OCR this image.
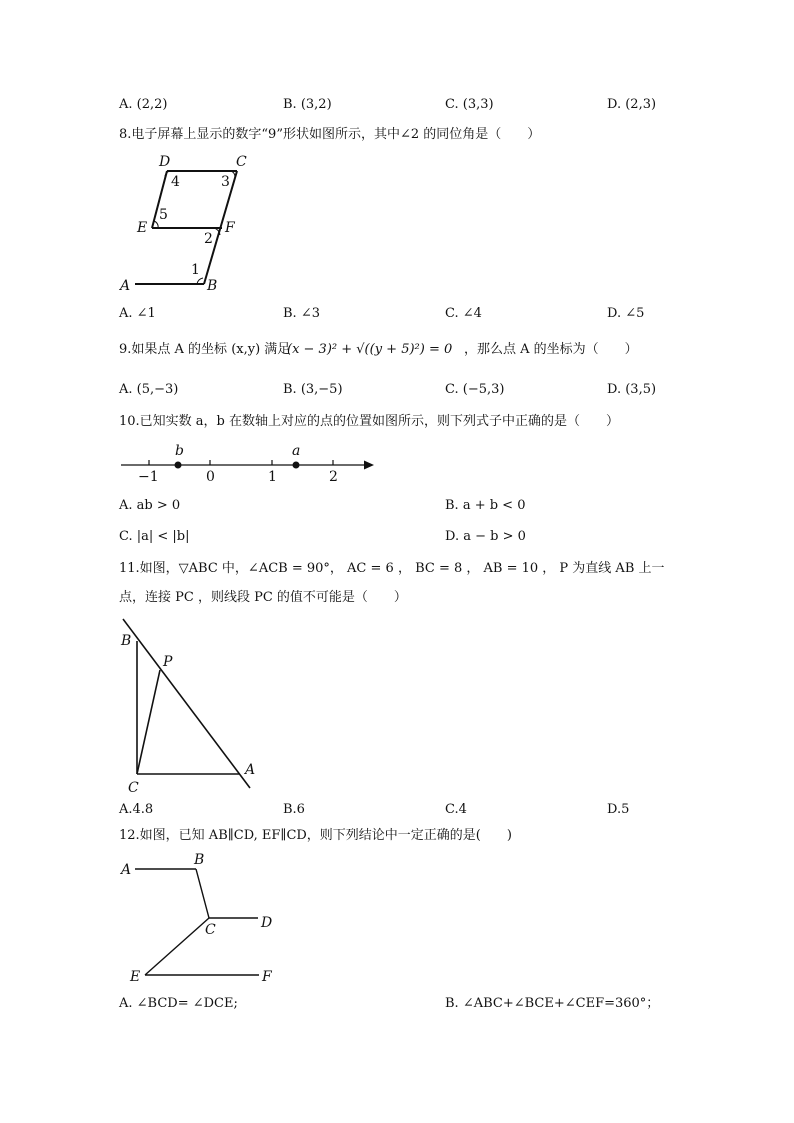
A. (2,2)	B. (3,2)	C. (3,3)	D. (2,3)
8.电子屏幕上显示的数字“9”形状如图所示，其中∠2 的同位角是（　　）
D	C
E	F
A	B
4	3
5
2
1
A. ∠1	B. ∠3	C. ∠4	D. ∠5
9.如果点 A 的坐标 (x,y) 满足
(x − 3)² + √((y + 5)²) = 0 ，那么点 A 的坐标为（　　）
A. (5,−3)	B. (3,−5)	C. (−5,3)	D. (3,5)
10.已知实数 a，b 在数轴上对应的点的位置如图所示，则下列式子中正确的是（　　）
b	a
−1	0	1	2
A. ab > 0	B. a + b < 0
C. |a| < |b|	D. a − b > 0
11.如图，▽ABC 中，∠ACB = 90°， AC = 6 ， BC = 8 ， AB = 10 ， P 为直线 AB 上一
点，连接 PC ，则线段 PC 的值不可能是（　　）
B
P
C
A
A.4.8	B.6	C.4	D.5
12.如图，已知 AB∥CD, EF∥CD，则下列结论中一定正确的是(　　)
A
B
C	D
E	F
A. ∠BCD= ∠DCE;	B. ∠ABC+∠BCE+∠CEF=360°；
